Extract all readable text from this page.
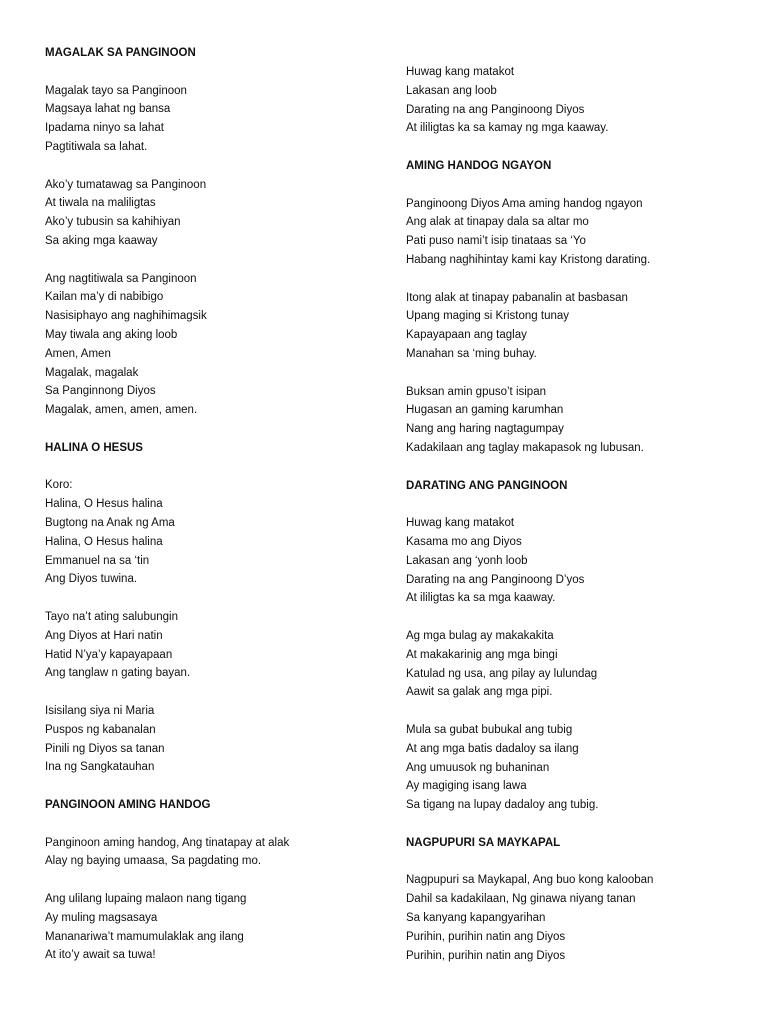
MAGALAK SA PANGINOON
Magalak tayo sa Panginoon
Magsaya lahat ng bansa
Ipadama ninyo sa lahat
Pagtitiwala sa lahat.
Ako’y tumatawag sa Panginoon
At tiwala na maliligtas
Ako’y tubusin sa kahihiyan
Sa aking mga kaaway
Ang nagtitiwala sa Panginoon
Kailan ma’y di nabibigo
Nasisiphayo ang naghihimagsik
May tiwala ang aking loob
Amen, Amen
Magalak, magalak
Sa Panginnong Diyos
Magalak, amen, amen, amen.
HALINA O HESUS
Koro:
Halina, O Hesus halina
Bugtong na Anak ng Ama
Halina, O Hesus halina
Emmanuel na sa ‘tin
Ang Diyos tuwina.
Tayo na’t ating salubungin
Ang Diyos at Hari natin
Hatid N’ya’y kapayapaan
Ang tanglaw n gating bayan.
Isisilang siya ni Maria
Puspos ng kabanalan
Pinili ng Diyos sa tanan
Ina ng Sangkatauhan
PANGINOON AMING HANDOG
Panginoon aming handog, Ang tinatapay at alak
Alay ng baying umaasa, Sa pagdating mo.
Ang ulilang lupaing malaon nang tigang
Ay muling magsasaya
Mananariwa’t mamumulaklak ang ilang
At ito’y await sa tuwa!
Huwag kang matakot
Lakasan ang loob
Darating na ang Panginoong Diyos
At ililigtas ka sa kamay ng mga kaaway.
AMING HANDOG NGAYON
Panginoong Diyos Ama aming handog ngayon
Ang alak at tinapay dala sa altar mo
Pati puso nami’t isip tinataas sa ‘Yo
Habang naghihintay kami kay Kristong darating.
Itong alak at tinapay pabanalin at basbasan
Upang maging si Kristong tunay
Kapayapaan ang taglay
Manahan sa ‘ming buhay.
Buksan amin gpuso’t isipan
Hugasan an gaming karumhan
Nang ang haring nagtagumpay
Kadakilaan ang taglay makapasok ng lubusan.
DARATING ANG PANGINOON
Huwag kang matakot
Kasama mo ang Diyos
Lakasan ang ‘yonh loob
Darating na ang Panginoong D’yos
At ililigtas ka sa mga kaaway.
Ag mga bulag ay makakakita
At makakarinig ang mga bingi
Katulad ng usa, ang pilay ay lulundag
Aawit sa galak ang mga pipi.
Mula sa gubat bubukal ang tubig
At ang mga batis dadaloy sa ilang
Ang umuusok ng buhaninan
Ay magiging isang lawa
Sa tigang na lupay dadaloy ang tubig.
NAGPUPURI SA MAYKAPAL
Nagpupuri sa Maykapal, Ang buo kong kalooban
Dahil sa kadakilaan, Ng ginawa niyang tanan
Sa kanyang kapangyarihan
Purihin, purihin natin ang Diyos
Purihin, purihin natin ang Diyos
